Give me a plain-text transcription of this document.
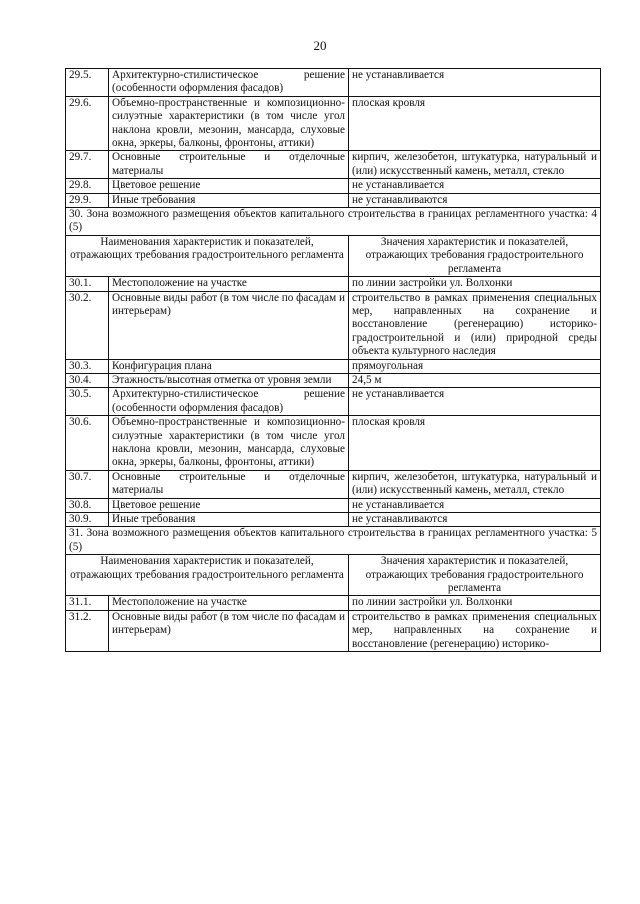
20
29.5.	Архитектурно-стилистическое решение (особенности оформления фасадов)	не устанавливается
29.6.	Объемно-пространственные и композиционно-силуэтные характеристики (в том числе угол наклона кровли, мезонин, мансарда, слуховые окна, эркеры, балконы, фронтоны, аттики)	плоская кровля
29.7.	Основные строительные и отделочные материалы	кирпич, железобетон, штукатурка, натуральный и (или) искусственный камень, металл, стекло
29.8.	Цветовое решение	не устанавливается
29.9.	Иные требования	не устанавливаются
30. Зона возможного размещения объектов капитального строительства в границах регламентного участка: 4 (5)		
Наименования характеристик и показателей, отражающих требования градостроительного регламента		Значения характеристик и показателей, отражающих требования градостроительного регламента
30.1.	Местоположение на участке	по линии застройки ул. Волхонки
30.2.	Основные виды работ (в том числе по фасадам и интерьерам)	строительство в рамках применения специальных мер, направленных на сохранение и восстановление (регенерацию) историко-градостроительной и (или) природной среды объекта культурного наследия
30.3.	Конфигурация плана	прямоугольная
30.4.	Этажность/высотная отметка от уровня земли	24,5 м
30.5.	Архитектурно-стилистическое решение (особенности оформления фасадов)	не устанавливается
30.6.	Объемно-пространственные и композиционно-силуэтные характеристики (в том числе угол наклона кровли, мезонин, мансарда, слуховые окна, эркеры, балконы, фронтоны, аттики)	плоская кровля
30.7.	Основные строительные и отделочные материалы	кирпич, железобетон, штукатурка, натуральный и (или) искусственный камень, металл, стекло
30.8.	Цветовое решение	не устанавливается
30.9.	Иные требования	не устанавливаются
31. Зона возможного размещения объектов капитального строительства в границах регламентного участка: 5 (5)		
Наименования характеристик и показателей, отражающих требования градостроительного регламента		Значения характеристик и показателей, отражающих требования градостроительного регламента
31.1.	Местоположение на участке	по линии застройки ул. Волхонки
31.2.	Основные виды работ (в том числе по фасадам и интерьерам)	строительство в рамках применения специальных мер, направленных на сохранение и восстановление (регенерацию) историко-
